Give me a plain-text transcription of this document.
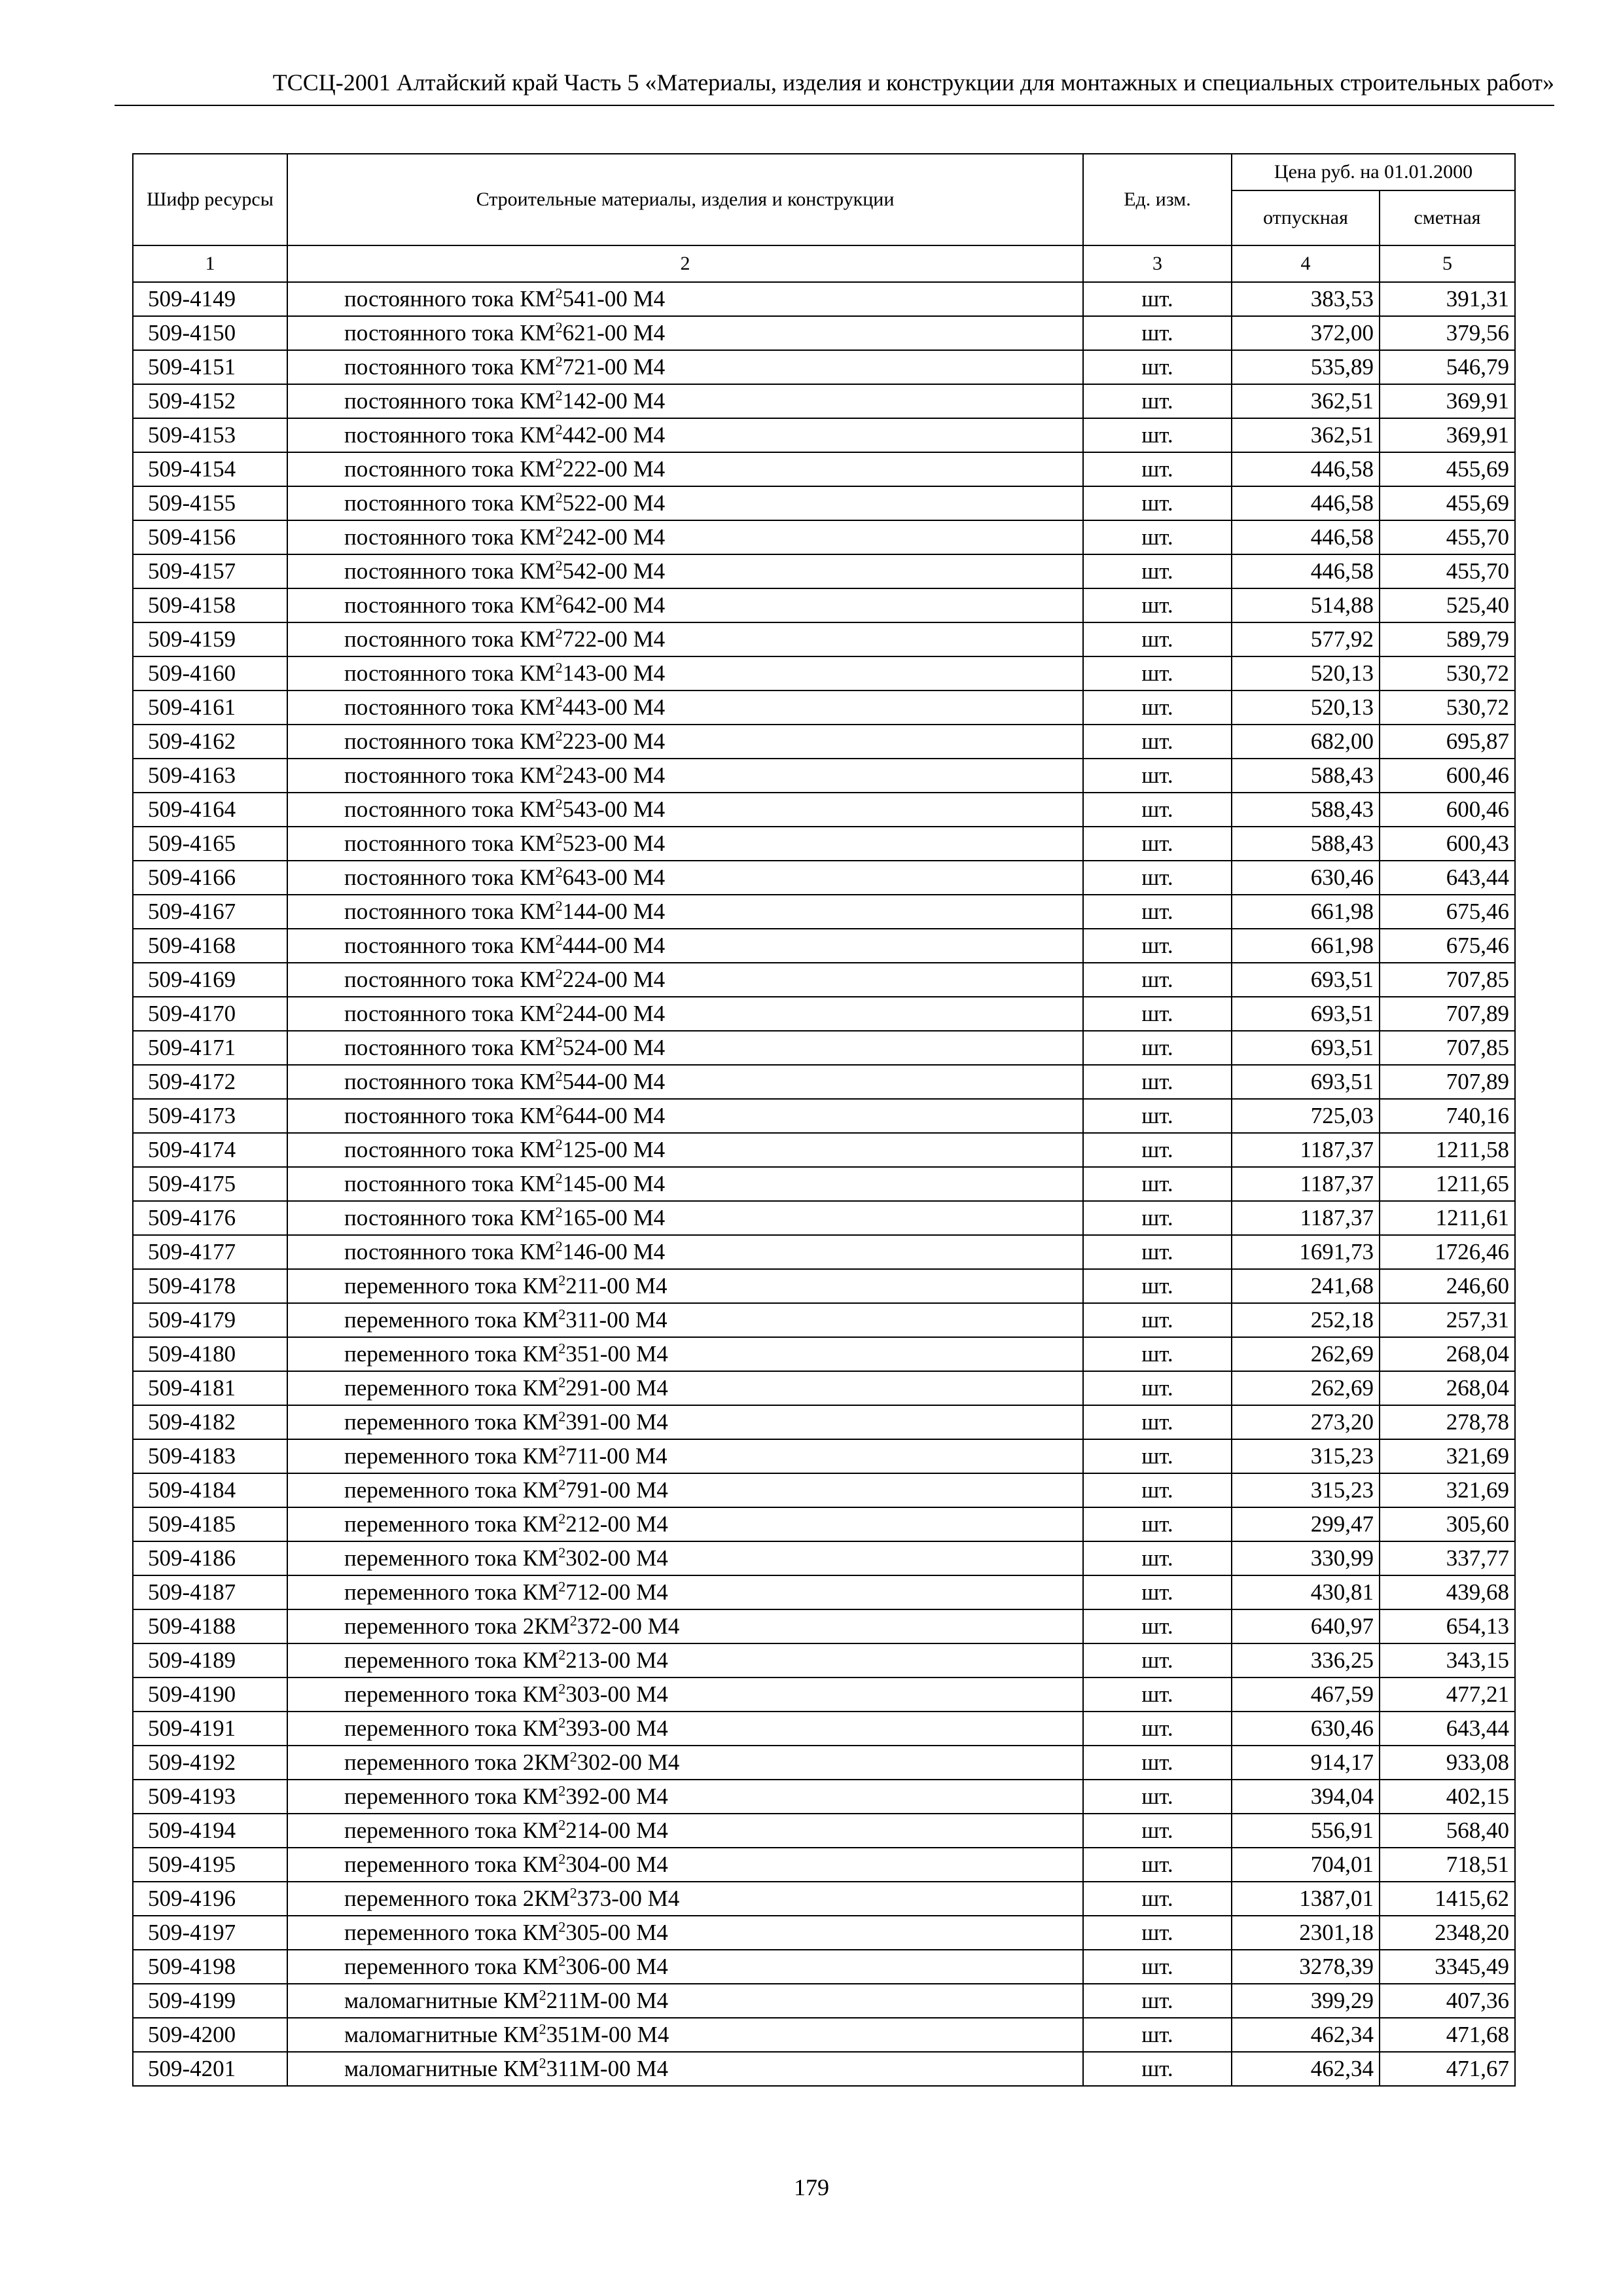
ТССЦ-2001 Алтайский край Часть 5 «Материалы, изделия и конструкции для монтажных и специальных строительных работ»
Шифр ресурсы	Строительные материалы, изделия и конструкции	Ед. изм.	Цена руб. на 01.01.2000	
			отпускная	сметная
1	2	3	4	5
509-4149	постоянного тока $КМ^2541-00$ М4	шт.	383,53	391,31
509-4150	постоянного тока $КМ^2621-00$ М4	шт.	372,00	379,56
509-4151	постоянного тока $КМ^2721-00$ М4	шт.	535,89	546,79
509-4152	постоянного тока $КМ^2142-00$ М4	шт.	362,51	369,91
509-4153	постоянного тока $КМ^2442-00$ М4	шт.	362,51	369,91
509-4154	постоянного тока $КМ^2222-00$ М4	шт.	446,58	455,69
509-4155	постоянного тока $КМ^2522-00$ М4	шт.	446,58	455,69
509-4156	постоянного тока $КМ^2242-00$ М4	шт.	446,58	455,70
509-4157	постоянного тока $КМ^2542-00$ М4	шт.	446,58	455,70
509-4158	постоянного тока $КМ^2642-00$ М4	шт.	514,88	525,40
509-4159	постоянного тока $КМ^2722-00$ М4	шт.	577,92	589,79
509-4160	постоянного тока $КМ^2143-00$ М4	шт.	520,13	530,72
509-4161	постоянного тока $КМ^2443-00$ М4	шт.	520,13	530,72
509-4162	постоянного тока $КМ^2223-00$ М4	шт.	682,00	695,87
509-4163	постоянного тока $КМ^2243-00$ М4	шт.	588,43	600,46
509-4164	постоянного тока $КМ^2543-00$ М4	шт.	588,43	600,46
509-4165	постоянного тока $КМ^2523-00$ М4	шт.	588,43	600,43
509-4166	постоянного тока $КМ^2643-00$ М4	шт.	630,46	643,44
509-4167	постоянного тока $КМ^2144-00$ М4	шт.	661,98	675,46
509-4168	постоянного тока $КМ^2444-00$ М4	шт.	661,98	675,46
509-4169	постоянного тока $КМ^2224-00$ М4	шт.	693,51	707,85
509-4170	постоянного тока $КМ^2244-00$ М4	шт.	693,51	707,89
509-4171	постоянного тока $КМ^2524-00$ М4	шт.	693,51	707,85
509-4172	постоянного тока $КМ^2544-00$ М4	шт.	693,51	707,89
509-4173	постоянного тока $КМ^2644-00$ М4	шт.	725,03	740,16
509-4174	постоянного тока $КМ^2125-00$ М4	шт.	1187,37	1211,58
509-4175	постоянного тока $КМ^2145-00$ М4	шт.	1187,37	1211,65
509-4176	постоянного тока $КМ^2165-00$ М4	шт.	1187,37	1211,61
509-4177	постоянного тока $КМ^2146-00$ М4	шт.	1691,73	1726,46
509-4178	переменного тока $КМ^2211-00$ М4	шт.	241,68	246,60
509-4179	переменного тока $КМ^2311-00$ М4	шт.	252,18	257,31
509-4180	переменного тока $КМ^2351-00$ М4	шт.	262,69	268,04
509-4181	переменного тока $КМ^2291-00$ М4	шт.	262,69	268,04
509-4182	переменного тока $КМ^2391-00$ М4	шт.	273,20	278,78
509-4183	переменного тока $КМ^2711-00$ М4	шт.	315,23	321,69
509-4184	переменного тока $КМ^2791-00$ М4	шт.	315,23	321,69
509-4185	переменного тока $КМ^2212-00$ М4	шт.	299,47	305,60
509-4186	переменного тока $КМ^2302-00$ М4	шт.	330,99	337,77
509-4187	переменного тока $КМ^2712-00$ М4	шт.	430,81	439,68
509-4188	переменного тока $2КМ^2372-00$ М4	шт.	640,97	654,13
509-4189	переменного тока $КМ^2213-00$ М4	шт.	336,25	343,15
509-4190	переменного тока $КМ^2303-00$ М4	шт.	467,59	477,21
509-4191	переменного тока $КМ^2393-00$ М4	шт.	630,46	643,44
509-4192	переменного тока $2КМ^2302-00$ М4	шт.	914,17	933,08
509-4193	переменного тока $КМ^2392-00$ М4	шт.	394,04	402,15
509-4194	переменного тока $КМ^2214-00$ М4	шт.	556,91	568,40
509-4195	переменного тока $КМ^2304-00$ М4	шт.	704,01	718,51
509-4196	переменного тока $2КМ^2373-00$ М4	шт.	1387,01	1415,62
509-4197	переменного тока $КМ^2305-00$ М4	шт.	2301,18	2348,20
509-4198	переменного тока $КМ^2306-00$ М4	шт.	3278,39	3345,49
509-4199	маломагнитные $КМ^2211М-00$ М4	шт.	399,29	407,36
509-4200	маломагнитные $КМ^2351М-00$ М4	шт.	462,34	471,68
509-4201	маломагнитные $КМ^2311М-00$ М4	шт.	462,34	471,67
179
